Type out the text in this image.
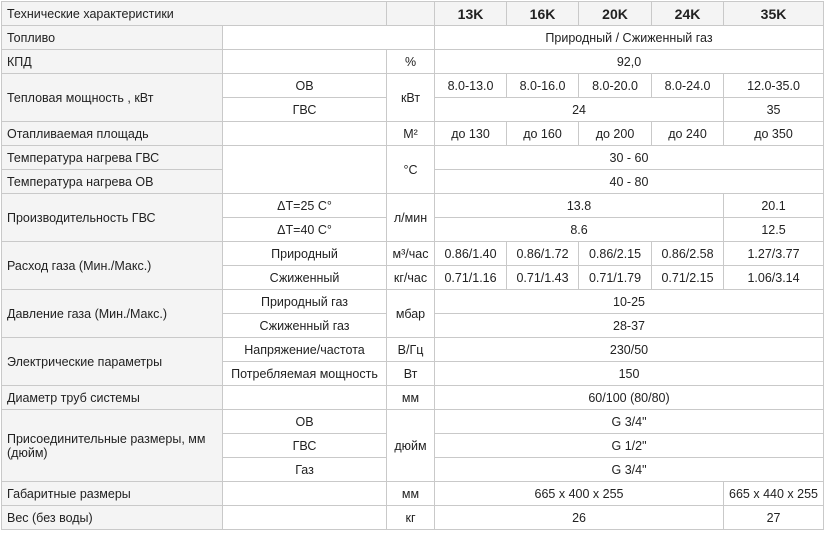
Технические характеристики			13K	16K	20K	24K	35K
Топливо			Природный / Сжиженный газ				
КПД		%	92,0				
Тепловая мощность , кВт	ОВ	кВт	8.0-13.0	8.0-16.0	8.0-20.0	8.0-24.0	12.0-35.0
	ГВС		24				35
Отапливаемая площадь		М²	до 130	до 160	до 200	до 240	до 350
Температура нагрева ГВС		°С	30 - 60				
Температура нагрева ОВ			40 - 80				
Производительность ГВС	ΔT=25 С°	л/мин	13.8				20.1
	ΔT=40 С°		8.6				12.5
Расход газа (Мин./Макс.)	Природный	м³/час	0.86/1.40	0.86/1.72	0.86/2.15	0.86/2.58	1.27/3.77
	Сжиженный	кг/час	0.71/1.16	0.71/1.43	0.71/1.79	0.71/2.15	1.06/3.14
Давление газа (Мин./Макс.)	Природный газ	мбар	10-25				
	Сжиженный газ		28-37				
Электрические параметры	Напряжение/частота	В/Гц	230/50				
	Потребляемая мощность	Вт	150				
Диаметр труб системы		мм	60/100 (80/80)				
Присоединительные размеры, мм (дюйм)	ОВ	дюйм	G 3/4"				
	ГВС		G 1/2"				
	Газ		G 3/4"				
Габаритные размеры		мм	665 x 400 x 255				665 x 440 x 255
Вес (без воды)		кг	26				27
